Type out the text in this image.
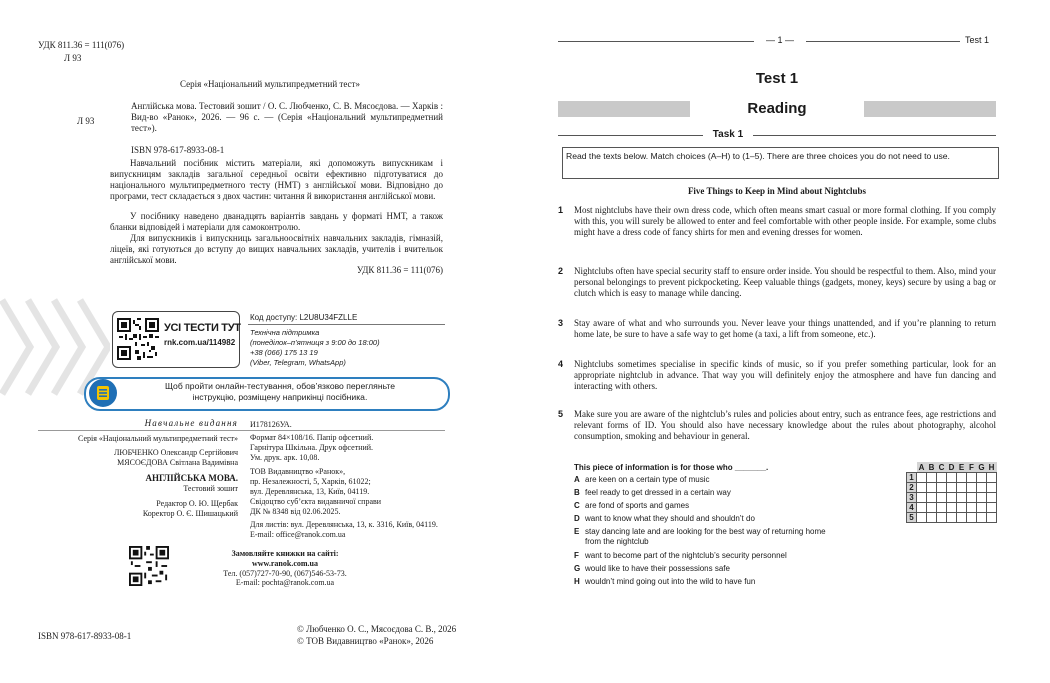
УДК 811.36 = 111(076)
Л 93
Серія «Національний мультипредметний тест»
Л 93
Англійська мова. Тестовий зошит / О. С. Любченко, С. В. Мясоєдова. — Харків : Вид-во «Ранок», 2026. — 96 с. — (Серія «Національний мультипредметний тест»).
ISBN 978-617-8933-08-1
Навчальний посібник містить матеріали, які допоможуть випускникам і випускницям закладів загальної середньої освіти ефективно підготуватися до національного мультипредметного тесту (НМТ) з англійської мови. Відповідно до програми, тест складається з двох частин: читання й використання англійської мови.
У посібнику наведено дванадцять варіантів завдань у форматі НМТ, а також бланки відповідей і матеріали для самоконтролю.
Для випускників і випускниць загальноосвітніх навчальних закладів, гімназій, ліцеїв, які готуються до вступу до вищих навчальних закладів, учителів і вчительок англійської мови.
УДК 811.36 = 111(076)
УСІ ТЕСТИ ТУТ
rnk.com.ua/114982
Код доступу: L2U8U34FZLLE
Технічна підтримка
(понеділок–п’ятниця з 9:00 до 18:00)
+38 (066) 175 13 19
(Viber, Telegram, WhatsApp)
Щоб пройти онлайн-тестування, обов’язково перегляньте
інструкцію, розміщену наприкінці посібника.
Навчальне видання
Серія «Національний мультипредметний тест»
ЛЮБЧЕНКО Олександр Сергійович
МЯСОЄДОВА Світлана Вадимівна
АНГЛІЙСЬКА МОВА.
Тестовий зошит
Редактор О. Ю. Щербак
Коректор О. Є. Шишацький
И178126УА.
Формат 84×108/16. Папір офсетний.
Гарнітура Шкільна. Друк офсетний.
Ум. друк. арк. 10,08.
ТОВ Видавництво «Ранок»,
пр. Незалежності, 5, Харків, 61022;
вул. Деревлянська, 13, Київ, 04119.
Свідоцтво суб’єкта видавничої справи
ДК № 8348 від 02.06.2025.
Для листів: вул. Деревлянська, 13, к. 3316, Київ, 04119.
E-mail: office@ranok.com.ua
Замовляйте книжки на сайті:
www.ranok.com.ua
Тел. (057)727-70-90, (067)546-53-73.
E-mail: pochta@ranok.com.ua
ISBN 978-617-8933-08-1
© Любченко О. С., Мясоєдова С. В., 2026
© ТОВ Видавництво «Ранок», 2026
— 1 —	Test 1
Test 1
Reading
Task 1
Read the texts below. Match choices (A–H) to (1–5). There are three choices you do not need to use.
Five Things to Keep in Mind about Nightclubs
1 Most nightclubs have their own dress code, which often means smart casual or more formal clothing. If you comply with this, you will surely be allowed to enter and feel comfortable with other people inside. For example, some clubs might have a dress code of fancy shirts for men and evening dresses for women.
2 Nightclubs often have special security staff to ensure order inside. You should be respectful to them. Also, mind your personal belongings to prevent pickpocketing. Keep valuable things (gadgets, money, keys) secure by using a bag or clutch which is easy to manage while dancing.
3 Stay aware of what and who surrounds you. Never leave your things unattended, and if you’re planning to return home late, be sure to have a safe way to get home (a taxi, a lift from someone, etc.).
4 Nightclubs sometimes specialise in specific kinds of music, so if you prefer something particular, look for an appropriate nightclub in advance. That way you will definitely enjoy the atmosphere and have fun dancing and interacting with others.
5 Make sure you are aware of the nightclub’s rules and policies about entry, such as entrance fees, age restrictions and relevant forms of ID. You should also have necessary knowledge about the rules about photography, alcohol consumption, smoking and behaviour in general.
This piece of information is for those who _______.
A are keen on a certain type of music
B feel ready to get dressed in a certain way
C are fond of sports and games
D want to know what they should and shouldn’t do
E stay dancing late and are looking for the best way of returning home
from the nightclub
F want to become part of the nightclub’s security personnel
G would like to have their possessions safe
H wouldn’t mind going out into the wild to have fun
	A	B	C	D	E	F	G	H
1								
2								
3								
4								
5								
